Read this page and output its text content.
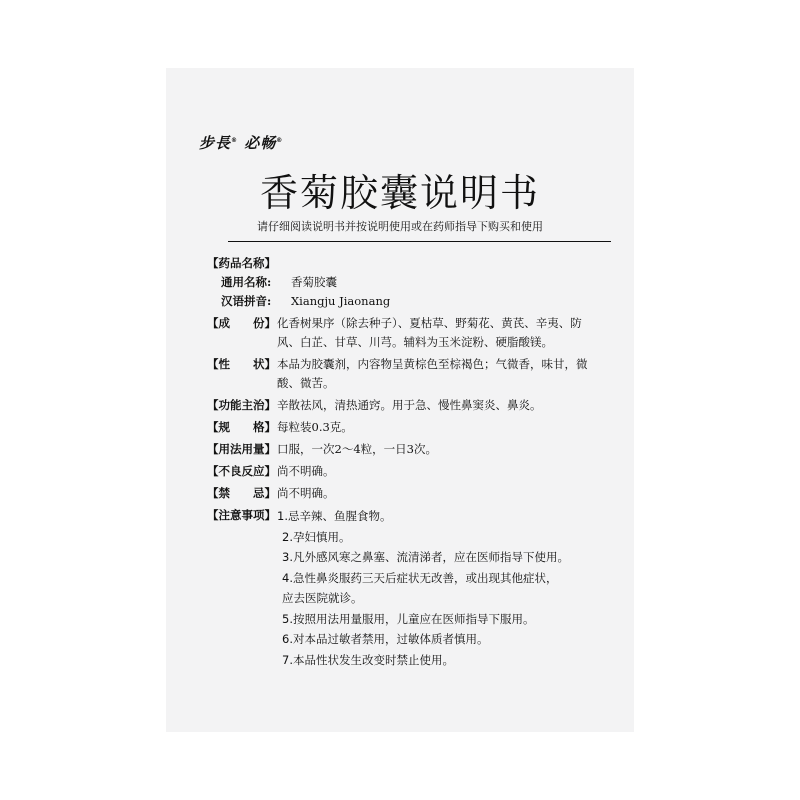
步長® 必畅®
香菊胶囊说明书
请仔细阅读说明书并按说明使用或在药师指导下购买和使用
【药品名称】
通用名称:	香菊胶囊
汉语拼音:	Xiangju Jiaonang
【成　　份】 化香树果序（除去种子）、夏枯草、野菊花、黄芪、辛夷、防风、白芷、甘草、川芎。辅料为玉米淀粉、硬脂酸镁。
【性　　状】 本品为胶囊剂，内容物呈黄棕色至棕褐色；气微香，味甘，微酸、微苦。
【功能主治】 辛散祛风，清热通窍。用于急、慢性鼻窦炎、鼻炎。
【规　　格】 每粒装0.3克。
【用法用量】 口服，一次2～4粒，一日3次。
【不良反应】 尚不明确。
【禁　　忌】 尚不明确。
【注意事项】 1.忌辛辣、鱼腥食物。
2.孕妇慎用。
3.凡外感风寒之鼻塞、流清涕者，应在医师指导下使用。
4.急性鼻炎服药三天后症状无改善，或出现其他症状，
应去医院就诊。
5.按照用法用量服用，儿童应在医师指导下服用。
6.对本品过敏者禁用，过敏体质者慎用。
7.本品性状发生改变时禁止使用。
